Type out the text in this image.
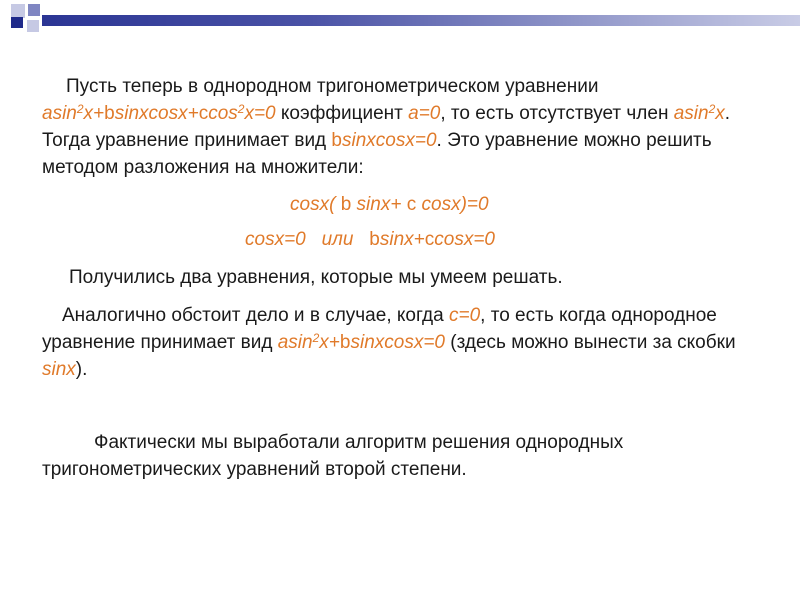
Пусть теперь в однородном тригонометрическом уравнении asin$^2$x+bsinxcosx+ccos$^2$x=0 коэффициент a=0, то есть отсутствует член asin$^2$x. Тогда уравнение принимает вид bsinxcosx=0. Это уравнение можно решить методом разложения на множители:

cosx( b sinx+ c cosx)=0
cosx=0 или bsinx+ccosx=0

Получились два уравнения, которые мы умеем решать.

Аналогично обстоит дело и в случае, когда c=0, то есть когда однородное уравнение принимает вид asin$^2$x+bsinxcosx=0 (здесь можно вынести за скобки sinx).

Фактически мы выработали алгоритм решения однородных тригонометрических уравнений второй степени.
